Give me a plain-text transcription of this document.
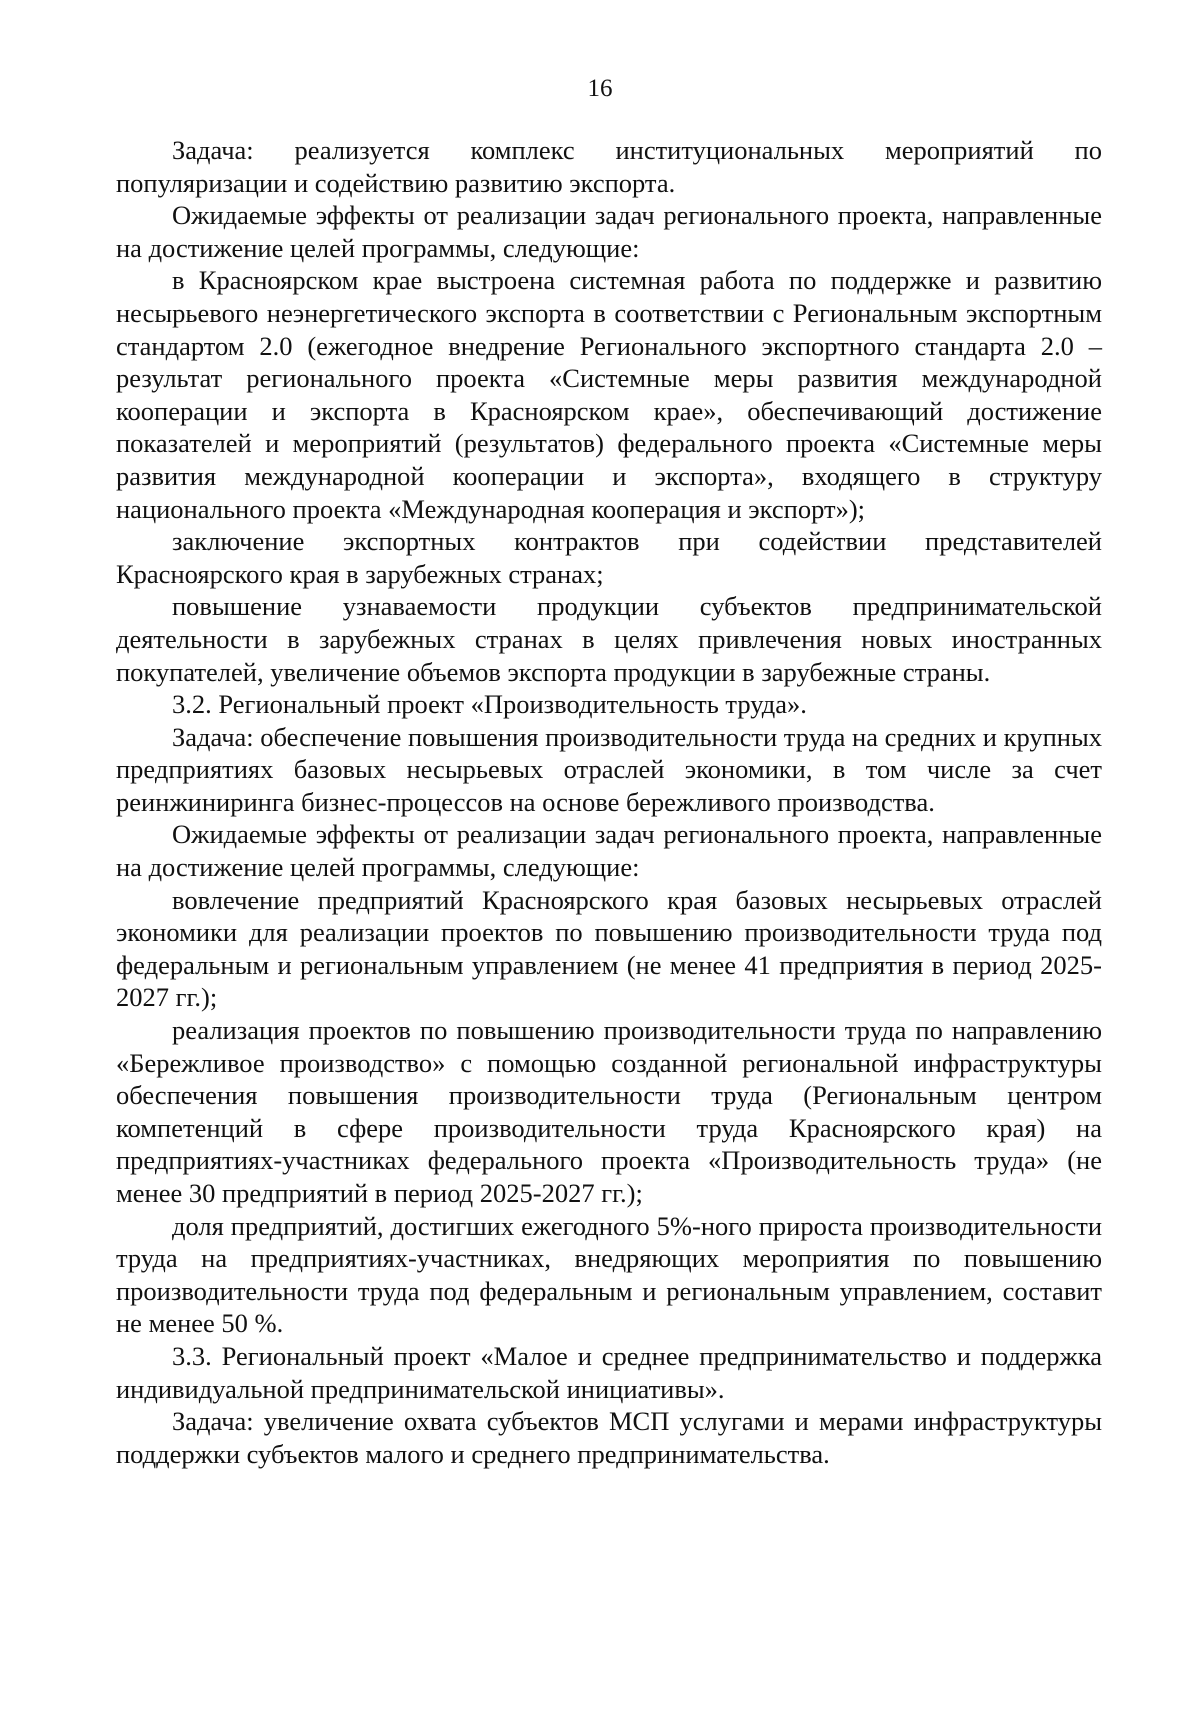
16

Задача: реализуется комплекс институциональных мероприятий по популяризации и содействию развитию экспорта.

Ожидаемые эффекты от реализации задач регионального проекта, направленные на достижение целей программы, следующие:

в Красноярском крае выстроена системная работа по поддержке и развитию несырьевого неэнергетического экспорта в соответствии с Региональным экспортным стандартом 2.0 (ежегодное внедрение Регионального экспортного стандарта 2.0 – результат регионального проекта «Системные меры развития международной кооперации и экспорта в Красноярском крае», обеспечивающий достижение показателей и мероприятий (результатов) федерального проекта «Системные меры развития международной кооперации и экспорта», входящего в структуру национального проекта «Международная кооперация и экспорт»);

заключение экспортных контрактов при содействии представителей Красноярского края в зарубежных странах;

повышение узнаваемости продукции субъектов предпринимательской деятельности в зарубежных странах в целях привлечения новых иностранных покупателей, увеличение объемов экспорта продукции в зарубежные страны.

3.2. Региональный проект «Производительность труда».

Задача: обеспечение повышения производительности труда на средних и крупных предприятиях базовых несырьевых отраслей экономики, в том числе за счет реинжиниринга бизнес-процессов на основе бережливого производства.

Ожидаемые эффекты от реализации задач регионального проекта, направленные на достижение целей программы, следующие:

вовлечение предприятий Красноярского края базовых несырьевых отраслей экономики для реализации проектов по повышению производительности труда под федеральным и региональным управлением (не менее 41 предприятия в период 2025-2027 гг.);

реализация проектов по повышению производительности труда по направлению «Бережливое производство» с помощью созданной региональной инфраструктуры обеспечения повышения производительности труда (Региональным центром компетенций в сфере производительности труда Красноярского края) на предприятиях-участниках федерального проекта «Производительность труда» (не менее 30 предприятий в период 2025-2027 гг.);

доля предприятий, достигших ежегодного 5%-ного прироста производительности труда на предприятиях-участниках, внедряющих мероприятия по повышению производительности труда под федеральным и региональным управлением, составит не менее 50 %.

3.3. Региональный проект «Малое и среднее предпринимательство и поддержка индивидуальной предпринимательской инициативы».

Задача: увеличение охвата субъектов МСП услугами и мерами инфраструктуры поддержки субъектов малого и среднего предпринимательства.
